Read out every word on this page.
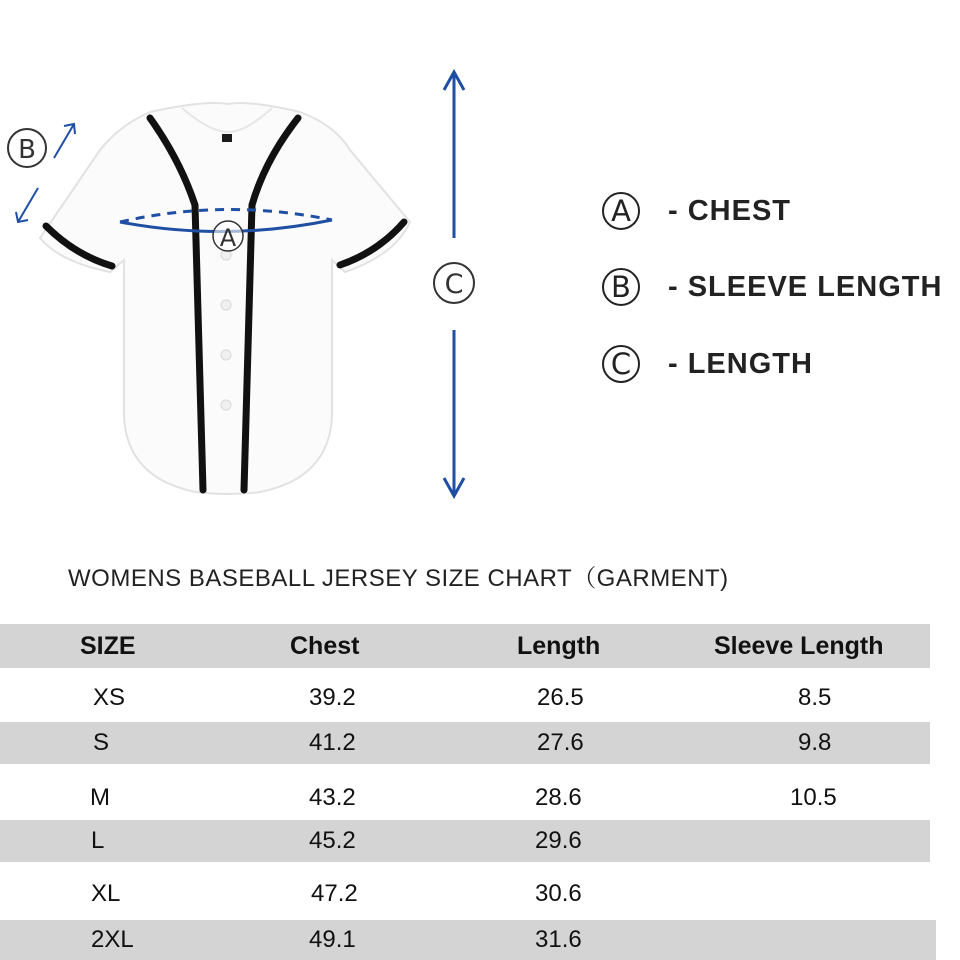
A
B
C
A	- CHEST
B	- SLEEVE LENGTH
C	- LENGTH
WOMENS BASEBALL JERSEY SIZE CHART（GARMENT)
SIZE	Chest	Length	Sleeve Length
XS	39.2	26.5	8.5
S	41.2	27.6	9.8
M	43.2	28.6	10.5
L	45.2	29.6
XL	47.2	30.6
2XL	49.1	31.6
